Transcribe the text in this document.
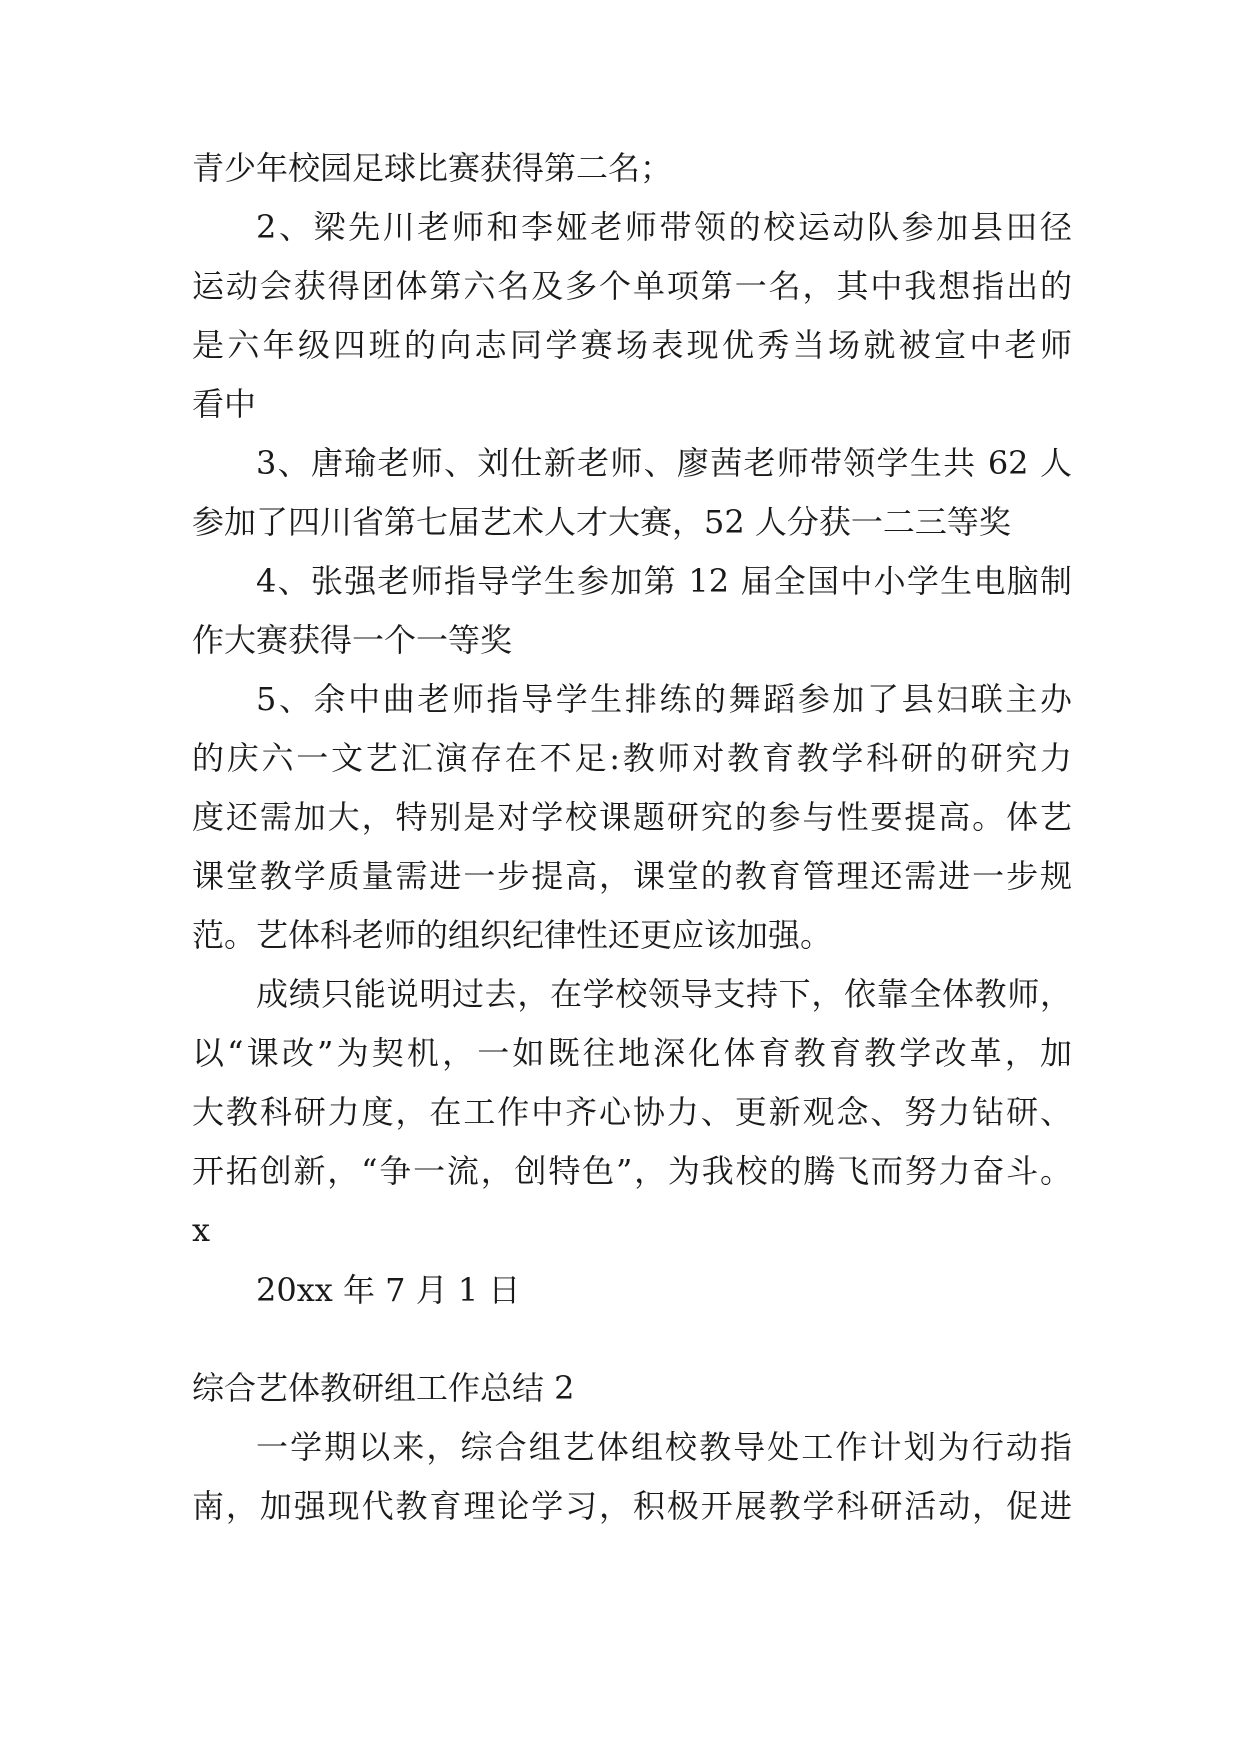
青少年校园足球比赛获得第二名；
2、梁先川老师和李娅老师带领的校运动队参加县田径
运动会获得团体第六名及多个单项第一名，其中我想指出的
是六年级四班的向志同学赛场表现优秀当场就被宣中老师
看中
3、唐瑜老师、刘仕新老师、廖茜老师带领学生共 62 人
参加了四川省第七届艺术人才大赛，52 人分获一二三等奖
4、张强老师指导学生参加第 12 届全国中小学生电脑制
作大赛获得一个一等奖
5、余中曲老师指导学生排练的舞蹈参加了县妇联主办
的庆六一文艺汇演存在不足:教师对教育教学科研的研究力
度还需加大，特别是对学校课题研究的参与性要提高。体艺
课堂教学质量需进一步提高，课堂的教育管理还需进一步规
范。艺体科老师的组织纪律性还更应该加强。
成绩只能说明过去，在学校领导支持下，依靠全体教师，
以“课改”为契机，一如既往地深化体育教育教学改革，加
大教科研力度，在工作中齐心协力、更新观念、努力钻研、
开拓创新，“争一流，创特色”，为我校的腾飞而努力奋斗。
x
20xx 年 7 月 1 日
综合艺体教研组工作总结 2
一学期以来，综合组艺体组校教导处工作计划为行动指
南，加强现代教育理论学习，积极开展教学科研活动，促进
